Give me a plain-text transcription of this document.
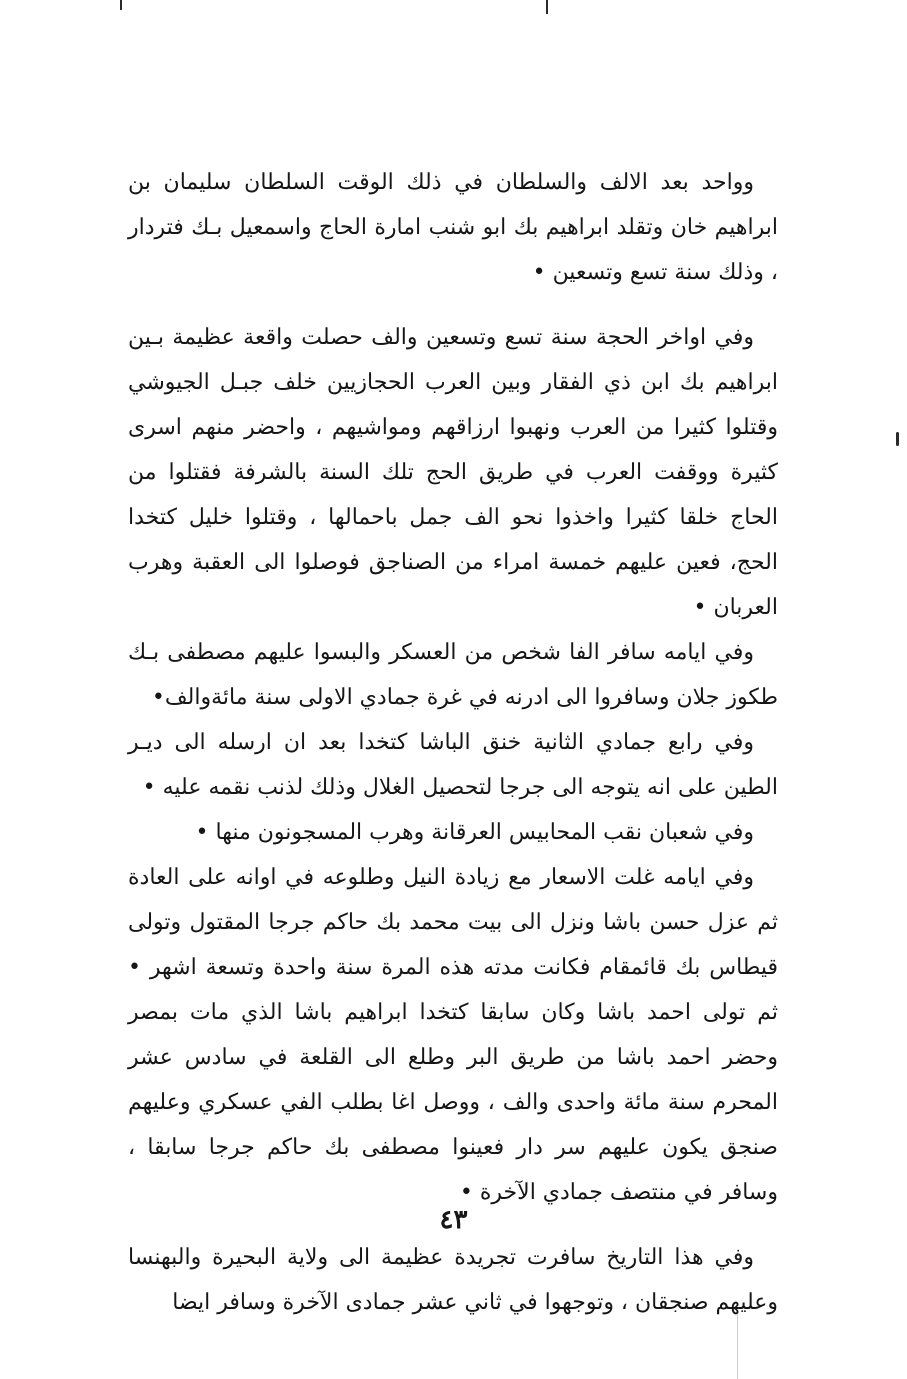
وواحد بعد الالف والسلطان في ذلك الوقت السلطان سليمان بن ابراهيم خان وتقلد ابراهيم بك ابو شنب امارة الحاج واسمعيل بـك فتردار ، وذلك سنة تسع وتسعين •

وفي اواخر الحجة سنة تسع وتسعين والف حصلت واقعة عظيمة بـين ابراهيم بك ابن ذي الفقار وبين العرب الحجازيين خلف جبـل الجيوشي وقتلوا كثيرا من العرب ونهبوا ارزاقهم ومواشيهم ، واحضر منهم اسرى كثيرة ووقفت العرب في طريق الحج تلك السنة بالشرفة فقتلوا من الحاج خلقا كثيرا واخذوا نحو الف جمل باحمالها ، وقتلوا خليل كتخدا الحج، فعين عليهم خمسة امراء من الصناجق فوصلوا الى العقبة وهرب العربان •

وفي ايامه سافر الفا شخص من العسكر والبسوا عليهم مصطفى بـك طكوز جلان وسافروا الى ادرنه في غرة جمادي الاولى سنة مائةوالف•

وفي رابع جمادي الثانية خنق الباشا كتخدا بعد ان ارسله الى ديـر الطين على انه يتوجه الى جرجا لتحصيل الغلال وذلك لذنب نقمه عليه •

وفي شعبان نقب المحابيس العرقانة وهرب المسجونون منها •

وفي ايامه غلت الاسعار مع زيادة النيل وطلوعه في اوانه على العادة ثم عزل حسن باشا ونزل الى بيت محمد بك حاكم جرجا المقتول وتولى قيطاس بك قائمقام فكانت مدته هذه المرة سنة واحدة وتسعة اشهر • ثم تولى احمد باشا وكان سابقا كتخدا ابراهيم باشا الذي مات بمصر وحضر احمد باشا من طريق البر وطلع الى القلعة في سادس عشر المحرم سنة مائة واحدى والف ، ووصل اغا بطلب الفي عسكري وعليهم صنجق يكون عليهم سر دار فعينوا مصطفى بك حاكم جرجا سابقا ، وسافر في منتصف جمادي الآخرة •

وفي هذا التاريخ سافرت تجريدة عظيمة الى ولاية البحيرة والبهنسا وعليهم صنجقان ، وتوجهوا في ثاني عشر جمادى الآخرة وسافر ايضا

٤٣
